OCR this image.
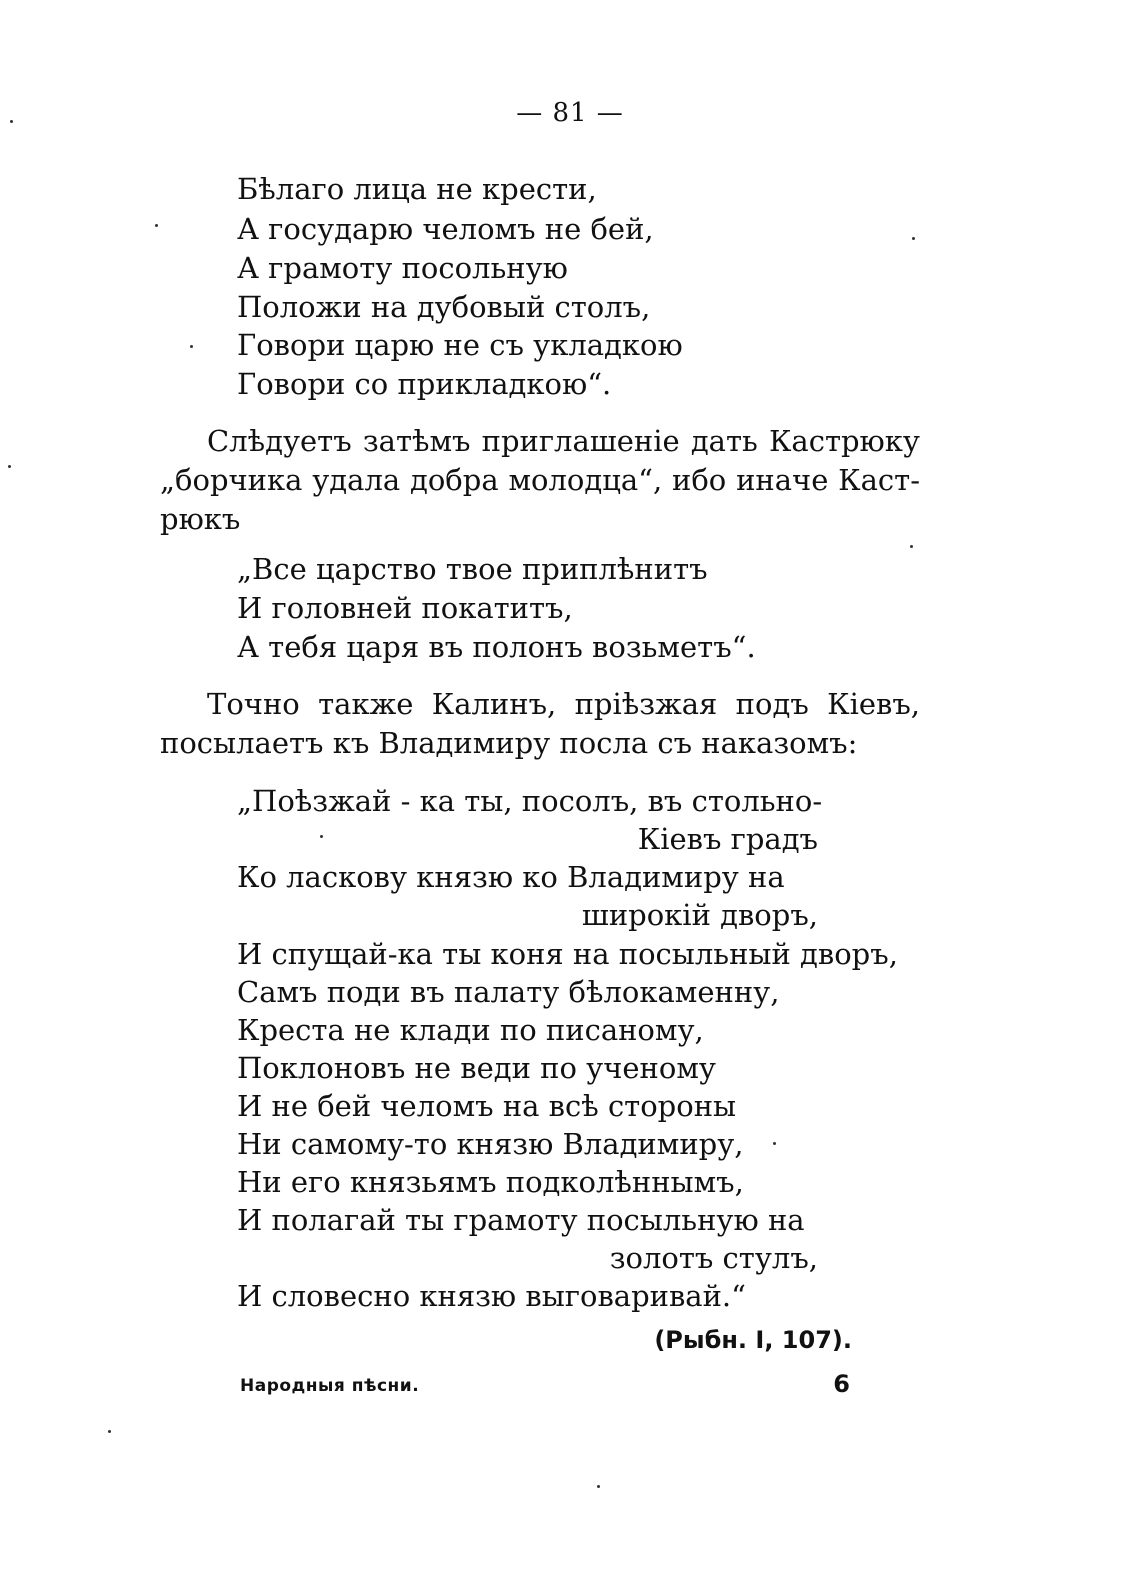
— 81 —
Бѣлаго лица не крести,
А государю челомъ не бей,
А грамоту посольную
Положи на дубовый столъ,
Говори царю не съ укладкою
Говори со прикладкою“.
Слѣдуетъ затѣмъ приглашеніе дать Кастрюку
„борчика удала добра молодца“, ибо иначе Каст-
рюкъ
„Все царство твое приплѣнитъ
И головней покатитъ,
А тебя царя въ полонъ возьметъ“.
Точно также Калинъ, пріѣзжая подъ Кіевъ,
посылаетъ къ Владимиру посла съ наказомъ:
„Поѣзжай - ка ты, посолъ, въ стольно-
Кіевъ градъ
Ко ласкову князю ко Владимиру на
широкій дворъ,
И спущай-ка ты коня на посыльный дворъ,
Самъ поди въ палату бѣлокаменну,
Креста не клади по писаному,
Поклоновъ не веди по ученому
И не бей челомъ на всѣ стороны
Ни самому-то князю Владимиру,
Ни его князьямъ подколѣннымъ,
И полагай ты грамоту посыльную на
золотъ стулъ,
И словесно князю выговаривай.“
(Рыбн. I, 107).
Народныя пѣсни.	6
